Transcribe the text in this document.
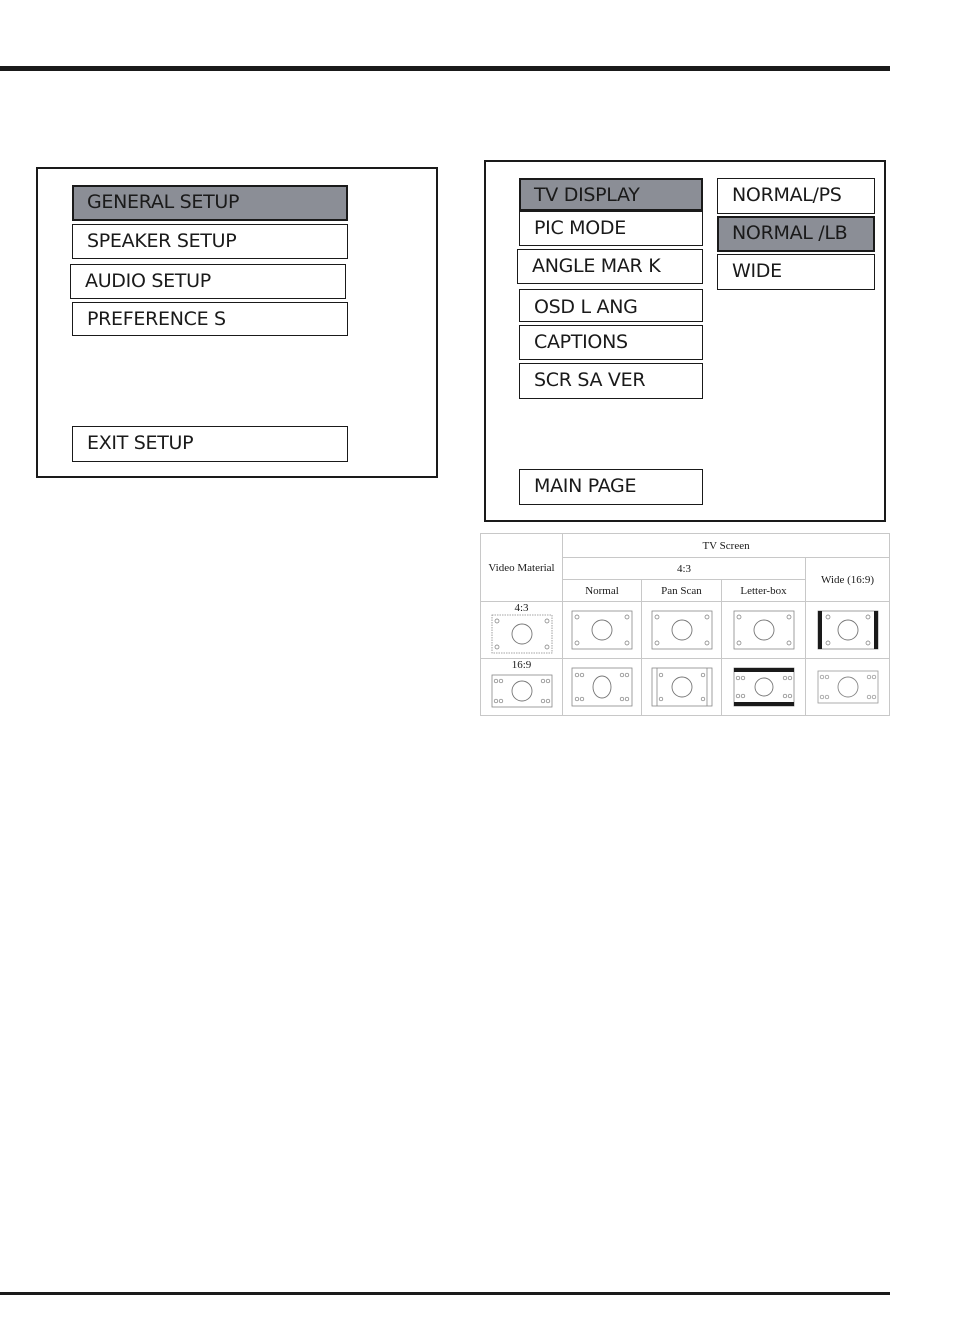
GENERAL SETUP
SPEAKER SETUP
AUDIO SETUP
PREFERENCE S
EXIT SETUP
TV DISPLAY
PIC MODE
ANGLE MAR K
OSD L ANG
CAPTIONS
SCR SA VER
MAIN PAGE
NORMAL/PS
NORMAL /LB
WIDE
Video Material	TV Screen			
	4:3			Wide (16:9)
	Normal	Pan Scan	Letter-box	

4:3

16:9
